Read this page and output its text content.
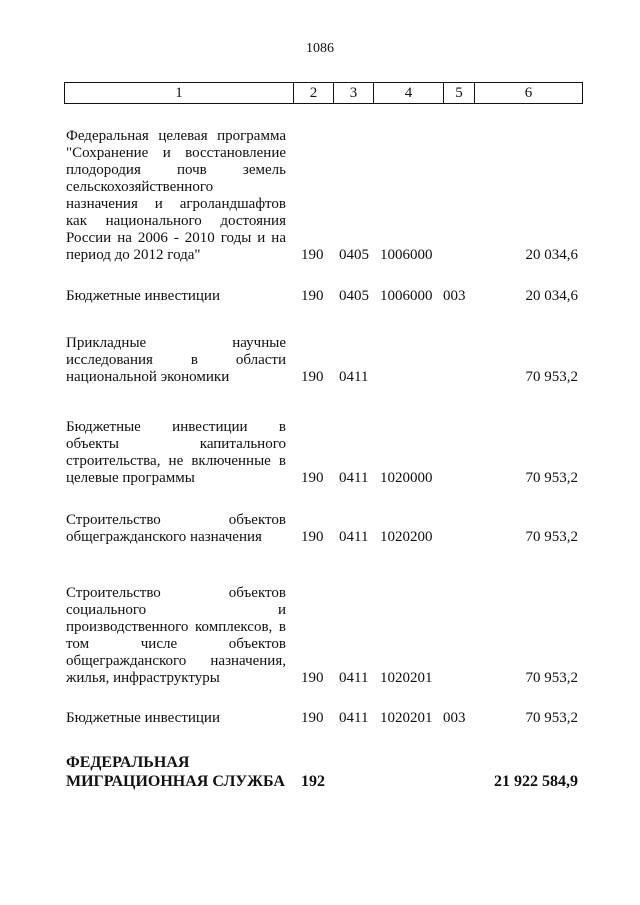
1086
1	2	3	4	5	6
Федеральная целевая программа
"Сохранение и восстановление
плодородия почв земель
сельскохозяйственного
назначения и агроландшафтов
как национального достояния
России на 2006 - 2010 годы и на
период до 2012 года"	190 0405 1006000	20 034,6
Бюджетные инвестиции	190 0405 1006000 003	20 034,6
Прикладные научные
исследования в области
национальной экономики	190 0411	70 953,2
Бюджетные инвестиции в
объекты капитального
строительства, не включенные в
целевые программы	190 0411 1020000	70 953,2
Строительство объектов
общегражданского назначения	190 0411 1020200	70 953,2
Строительство объектов
социального и
производственного комплексов, в
том числе объектов
общегражданского назначения,
жилья, инфраструктуры	190 0411 1020201	70 953,2
Бюджетные инвестиции	190 0411 1020201 003	70 953,2
ФЕДЕРАЛЬНАЯ
МИГРАЦИОННАЯ СЛУЖБА	192	21 922 584,9
